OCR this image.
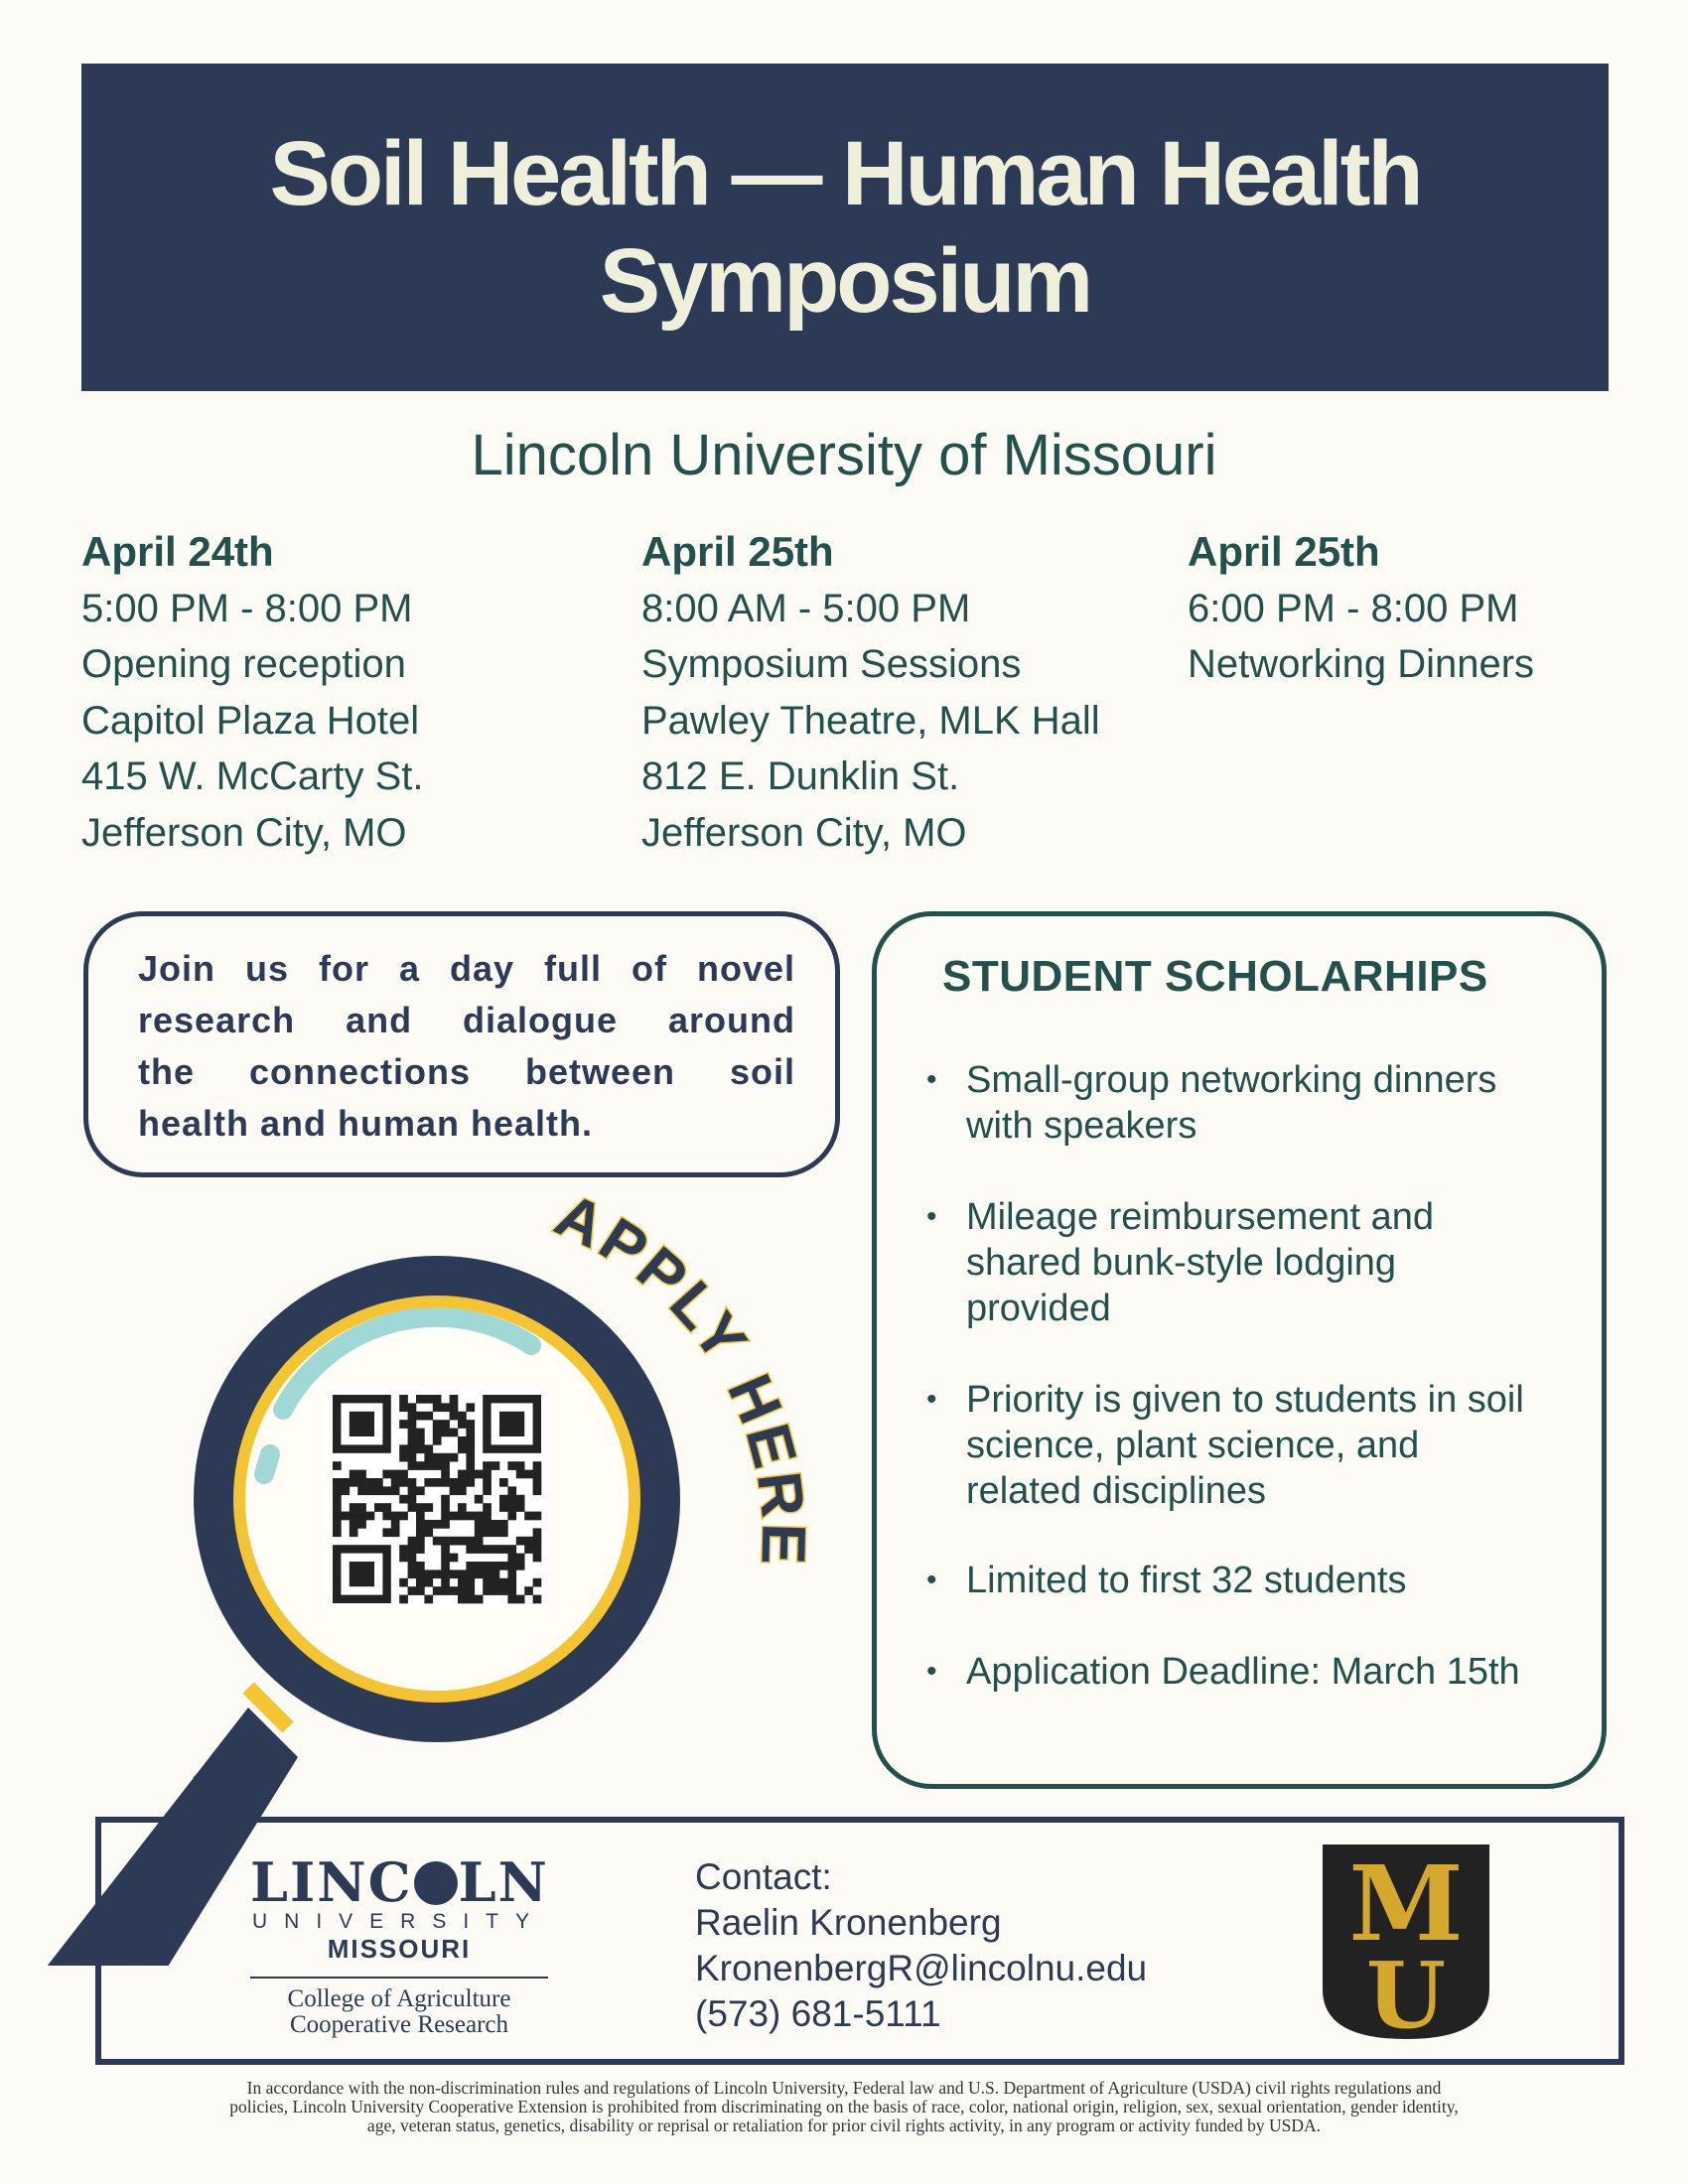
Soil Health — Human Health
Symposium
Lincoln University of Missouri
April 24th
5:00 PM - 8:00 PM
Opening reception
Capitol Plaza Hotel
415 W. McCarty St.
Jefferson City, MO
April 25th
8:00 AM - 5:00 PM
Symposium Sessions
Pawley Theatre, MLK Hall
812 E. Dunklin St.
Jefferson City, MO
April 25th
6:00 PM - 8:00 PM
Networking Dinners
Join us for a day full of novel
research and dialogue around
the connections between soil
health and human health.
APPLY HERE
STUDENT SCHOLARHIPS
• Small-group networking dinners
with speakers
• Mileage reimbursement and
shared bunk-style lodging
provided
• Priority is given to students in soil
science, plant science, and
related disciplines
• Limited to first 32 students
• Application Deadline: March 15th
LINC LN
UNIVERSITY
MISSOURI
College of Agriculture
Cooperative Research
Contact:
Raelin Kronenberg
KronenbergR@lincolnu.edu
(573) 681-5111
M
U
In accordance with the non-discrimination rules and regulations of Lincoln University, Federal law and U.S. Department of Agriculture (USDA) civil rights regulations and
policies, Lincoln University Cooperative Extension is prohibited from discriminating on the basis of race, color, national origin, religion, sex, sexual orientation, gender identity,
age, veteran status, genetics, disability or reprisal or retaliation for prior civil rights activity, in any program or activity funded by USDA.
